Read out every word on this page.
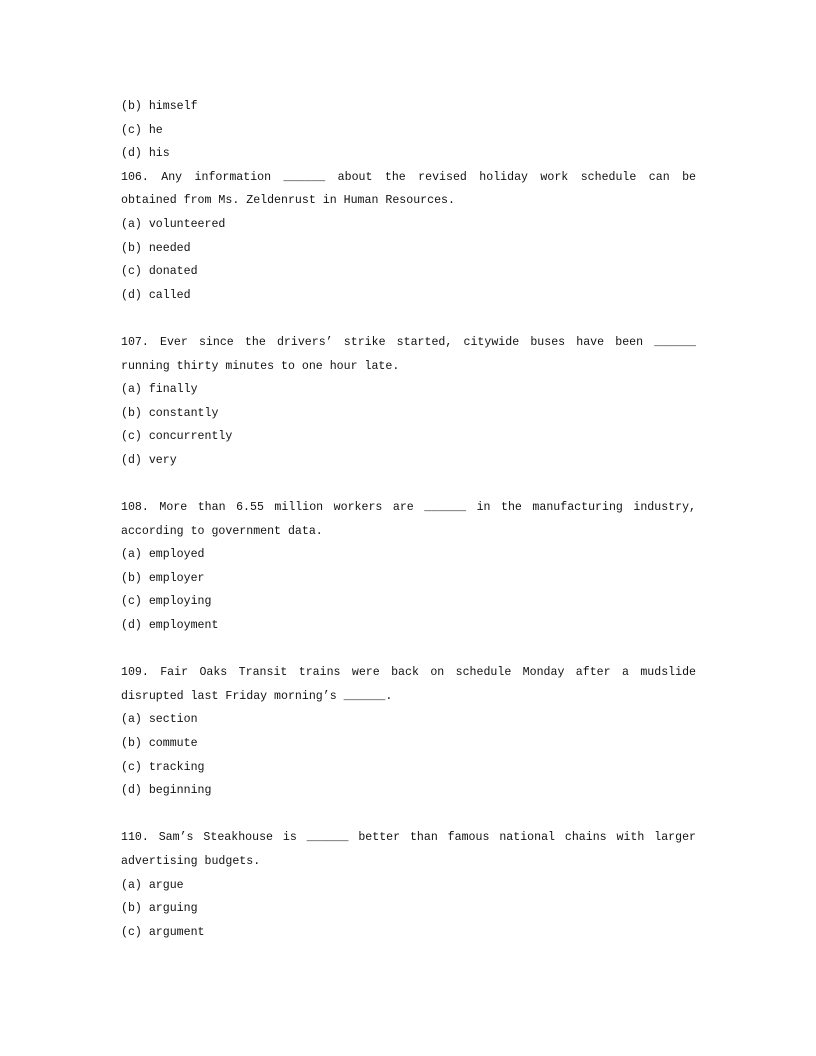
(b) himself
(c) he
(d) his
106. Any information ______ about the revised holiday work schedule can be
obtained from Ms. Zeldenrust in Human Resources.
(a) volunteered
(b) needed
(c) donated
(d) called
107. Ever since the drivers’ strike started, citywide buses have been ______
running thirty minutes to one hour late.
(a) finally
(b) constantly
(c) concurrently
(d) very
108. More than 6.55 million workers are ______ in the manufacturing industry,
according to government data.
(a) employed
(b) employer
(c) employing
(d) employment
109. Fair Oaks Transit trains were back on schedule Monday after a mudslide
disrupted last Friday morning’s ______.
(a) section
(b) commute
(c) tracking
(d) beginning
110. Sam’s Steakhouse is ______ better than famous national chains with larger
advertising budgets.
(a) argue
(b) arguing
(c) argument
